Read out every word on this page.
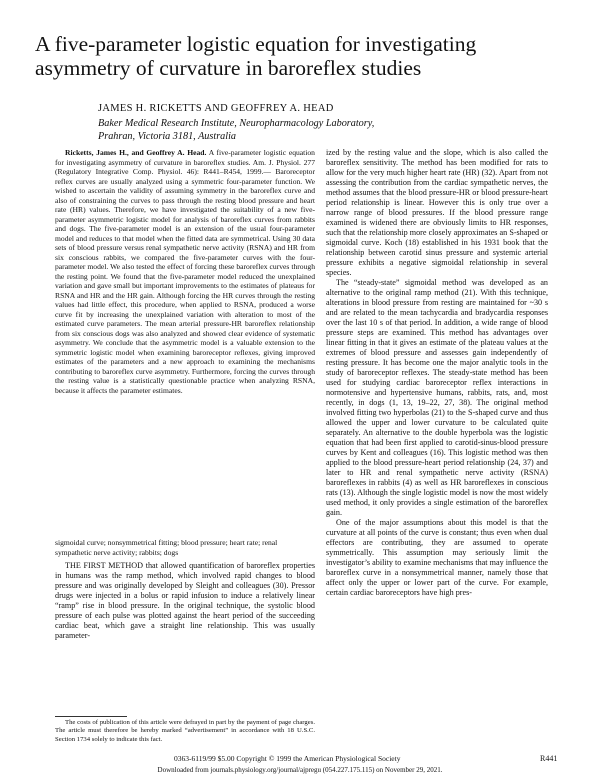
A five-parameter logistic equation for investigating asymmetry of curvature in baroreflex studies
JAMES H. RICKETTS AND GEOFFREY A. HEAD
Baker Medical Research Institute, Neuropharmacology Laboratory,
Prahran, Victoria 3181, Australia

Ricketts, James H., and Geoffrey A. Head. A five-parameter logistic equation for investigating asymmetry of curvature in baroreflex studies. Am. J. Physiol. 277 (Regulatory Integrative Comp. Physiol. 46): R441–R454, 1999.— Baroreceptor reflex curves are usually analyzed using a symmetric four-parameter function. We wished to ascertain the validity of assuming symmetry in the baroreflex curve and also of constraining the curves to pass through the resting blood pressure and heart rate (HR) values. Therefore, we have investigated the suitability of a new five-parameter asymmetric logistic model for analysis of baroreflex curves from rabbits and dogs. The five-parameter model is an extension of the usual four-parameter model and reduces to that model when the fitted data are symmetrical. Using 30 data sets of blood pressure versus renal sympathetic nerve activity (RSNA) and HR from six conscious rabbits, we compared the five-parameter curves with the four-parameter model. We also tested the effect of forcing these baroreflex curves through the resting point. We found that the five-parameter model reduced the unexplained variation and gave small but important improvements to the estimates of plateaus for RSNA and HR and the HR gain. Although forcing the HR curves through the resting values had little effect, this procedure, when applied to RSNA, produced a worse curve fit by increasing the unexplained variation with alteration to most of the estimated curve parameters. The mean arterial pressure-HR baroreflex relationship from six conscious dogs was also analyzed and showed clear evidence of systematic asymmetry. We conclude that the asymmetric model is a valuable extension to the symmetric logistic model when examining baroreceptor reflexes, giving improved estimates of the parameters and a new approach to examining the mechanisms contributing to baroreflex curve asymmetry. Furthermore, forcing the curves through the resting value is a statistically questionable practice when analyzing RSNA, because it affects the parameter estimates.

sigmoidal curve; nonsymmetrical fitting; blood pressure; heart rate; renal sympathetic nerve activity; rabbits; dogs

THE FIRST METHOD that allowed quantification of baroreflex properties in humans was the ramp method, which involved rapid changes to blood pressure and was originally developed by Sleight and colleagues (30). Pressor drugs were injected in a bolus or rapid infusion to induce a relatively linear “ramp” rise in blood pressure. In the original technique, the systolic blood pressure of each pulse was plotted against the heart period of the succeeding cardiac beat, which gave a straight line relationship. This was usually parameter-

ized by the resting value and the slope, which is also called the baroreflex sensitivity. The method has been modified for rats to allow for the very much higher heart rate (HR) (32). Apart from not assessing the contribution from the cardiac sympathetic nerves, the method assumes that the blood pressure-HR or blood pressure-heart period relationship is linear. However this is only true over a narrow range of blood pressures. If the blood pressure range examined is widened there are obviously limits to HR responses, such that the relationship more closely approximates an S-shaped or sigmoidal curve. Koch (18) established in his 1931 book that the relationship between carotid sinus pressure and systemic arterial pressure exhibits a negative sigmoidal relationship in several species.

The “steady-state” sigmoidal method was developed as an alternative to the original ramp method (21). With this technique, alterations in blood pressure from resting are maintained for ~30 s and are related to the mean tachycardia and bradycardia responses over the last 10 s of that period. In addition, a wide range of blood pressure steps are examined. This method has advantages over linear fitting in that it gives an estimate of the plateau values at the extremes of blood pressure and assesses gain independently of resting pressure. It has become one the major analytic tools in the study of baroreceptor reflexes. The steady-state method has been used for studying cardiac baroreceptor reflex interactions in normotensive and hypertensive humans, rabbits, rats, and, most recently, in dogs (1, 13, 19–22, 27, 38). The original method involved fitting two hyperbolas (21) to the S-shaped curve and thus allowed the upper and lower curvature to be calculated quite separately. An alternative to the double hyperbola was the logistic equation that had been first applied to carotid-sinus-blood pressure curves by Kent and colleagues (16). This logistic method was then applied to the blood pressure-heart period relationship (24, 37) and later to HR and renal sympathetic nerve activity (RSNA) baroreflexes in rabbits (4) as well as HR baroreflexes in conscious rats (13). Although the single logistic model is now the most widely used method, it only provides a single estimation of the baroreflex gain.

One of the major assumptions about this model is that the curvature at all points of the curve is constant; thus even when dual effectors are contributing, they are assumed to operate symmetrically. This assumption may seriously limit the investigator’s ability to examine mechanisms that may influence the baroreflex curve in a nonsymmetrical manner, namely those that affect only the upper or lower part of the curve. For example, certain cardiac baroreceptors have high pres-

The costs of publication of this article were defrayed in part by the payment of page charges. The article must therefore be hereby marked “advertisement” in accordance with 18 U.S.C. Section 1734 solely to indicate this fact.
0363-6119/99 $5.00 Copyright © 1999 the American Physiological Society	R441
Downloaded from journals.physiology.org/journal/ajpregu (054.227.175.115) on November 29, 2021.
